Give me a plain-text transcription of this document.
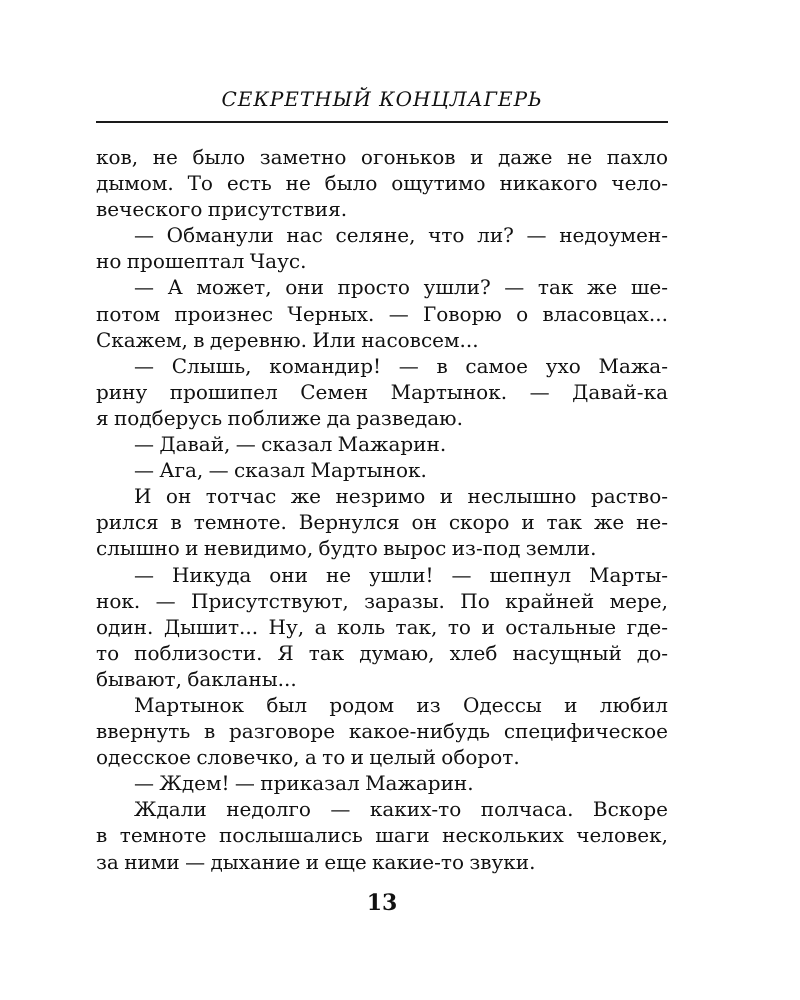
СЕКРЕТНЫЙ КОНЦЛАГЕРЬ
ков, не было заметно огоньков и даже не пахло
дымом. То есть не было ощутимо никакого чело-
веческого присутствия.
— Обманули нас селяне, что ли? — недоумен-
но прошептал Чаус.
— А может, они просто ушли? — так же ше-
потом произнес Черных. — Говорю о власовцах...
Скажем, в деревню. Или насовсем...
— Слышь, командир! — в самое ухо Мажа-
рину прошипел Семен Мартынок. — Давай-ка
я подберусь поближе да разведаю.
— Давай, — сказал Мажарин.
— Ага, — сказал Мартынок.
И он тотчас же незримо и неслышно раство-
рился в темноте. Вернулся он скоро и так же не-
слышно и невидимо, будто вырос из-под земли.
— Никуда они не ушли! — шепнул Марты-
нок. — Присутствуют, заразы. По крайней мере,
один. Дышит... Ну, а коль так, то и остальные где-
то поблизости. Я так думаю, хлеб насущный до-
бывают, бакланы...
Мартынок был родом из Одессы и любил
ввернуть в разговоре какое-нибудь специфическое
одесское словечко, а то и целый оборот.
— Ждем! — приказал Мажарин.
Ждали недолго — каких-то полчаса. Вскоре
в темноте послышались шаги нескольких человек,
за ними — дыхание и еще какие-то звуки.
13
